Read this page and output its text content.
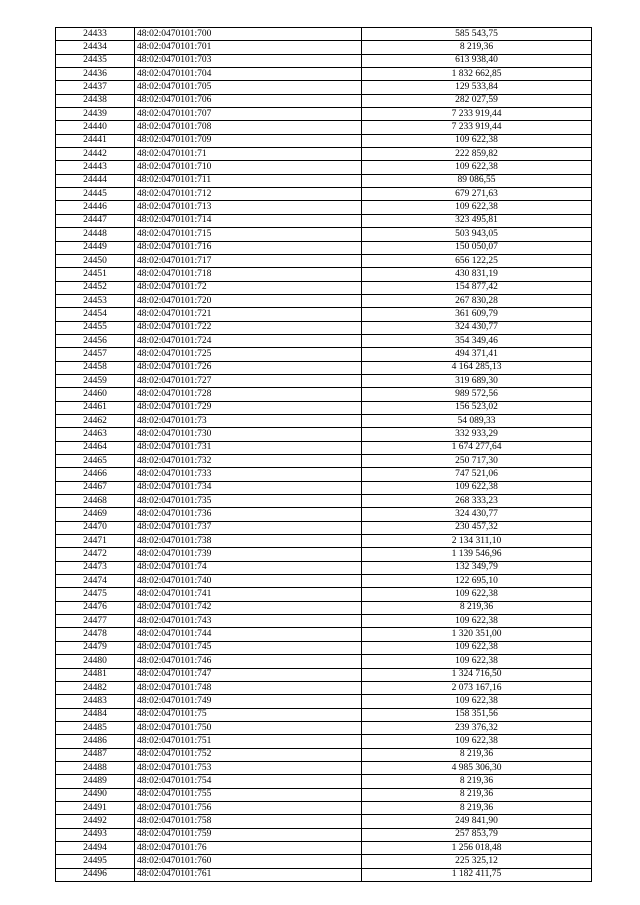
24433	48:02:0470101:700	585 543,75
24434	48:02:0470101:701	8 219,36
24435	48:02:0470101:703	613 938,40
24436	48:02:0470101:704	1 832 662,85
24437	48:02:0470101:705	129 533,84
24438	48:02:0470101:706	282 027,59
24439	48:02:0470101:707	7 233 919,44
24440	48:02:0470101:708	7 233 919,44
24441	48:02:0470101:709	109 622,38
24442	48:02:0470101:71	222 859,82
24443	48:02:0470101:710	109 622,38
24444	48:02:0470101:711	89 086,55
24445	48:02:0470101:712	679 271,63
24446	48:02:0470101:713	109 622,38
24447	48:02:0470101:714	323 495,81
24448	48:02:0470101:715	503 943,05
24449	48:02:0470101:716	150 050,07
24450	48:02:0470101:717	656 122,25
24451	48:02:0470101:718	430 831,19
24452	48:02:0470101:72	154 877,42
24453	48:02:0470101:720	267 830,28
24454	48:02:0470101:721	361 609,79
24455	48:02:0470101:722	324 430,77
24456	48:02:0470101:724	354 349,46
24457	48:02:0470101:725	494 371,41
24458	48:02:0470101:726	4 164 285,13
24459	48:02:0470101:727	319 689,30
24460	48:02:0470101:728	989 572,56
24461	48:02:0470101:729	156 523,02
24462	48:02:0470101:73	54 089,33
24463	48:02:0470101:730	332 933,29
24464	48:02:0470101:731	1 674 277,64
24465	48:02:0470101:732	250 717,30
24466	48:02:0470101:733	747 521,06
24467	48:02:0470101:734	109 622,38
24468	48:02:0470101:735	268 333,23
24469	48:02:0470101:736	324 430,77
24470	48:02:0470101:737	230 457,32
24471	48:02:0470101:738	2 134 311,10
24472	48:02:0470101:739	1 139 546,96
24473	48:02:0470101:74	132 349,79
24474	48:02:0470101:740	122 695,10
24475	48:02:0470101:741	109 622,38
24476	48:02:0470101:742	8 219,36
24477	48:02:0470101:743	109 622,38
24478	48:02:0470101:744	1 320 351,00
24479	48:02:0470101:745	109 622,38
24480	48:02:0470101:746	109 622,38
24481	48:02:0470101:747	1 324 716,50
24482	48:02:0470101:748	2 073 167,16
24483	48:02:0470101:749	109 622,38
24484	48:02:0470101:75	158 351,56
24485	48:02:0470101:750	239 376,32
24486	48:02:0470101:751	109 622,38
24487	48:02:0470101:752	8 219,36
24488	48:02:0470101:753	4 985 306,30
24489	48:02:0470101:754	8 219,36
24490	48:02:0470101:755	8 219,36
24491	48:02:0470101:756	8 219,36
24492	48:02:0470101:758	249 841,90
24493	48:02:0470101:759	257 853,79
24494	48:02:0470101:76	1 256 018,48
24495	48:02:0470101:760	225 325,12
24496	48:02:0470101:761	1 182 411,75
